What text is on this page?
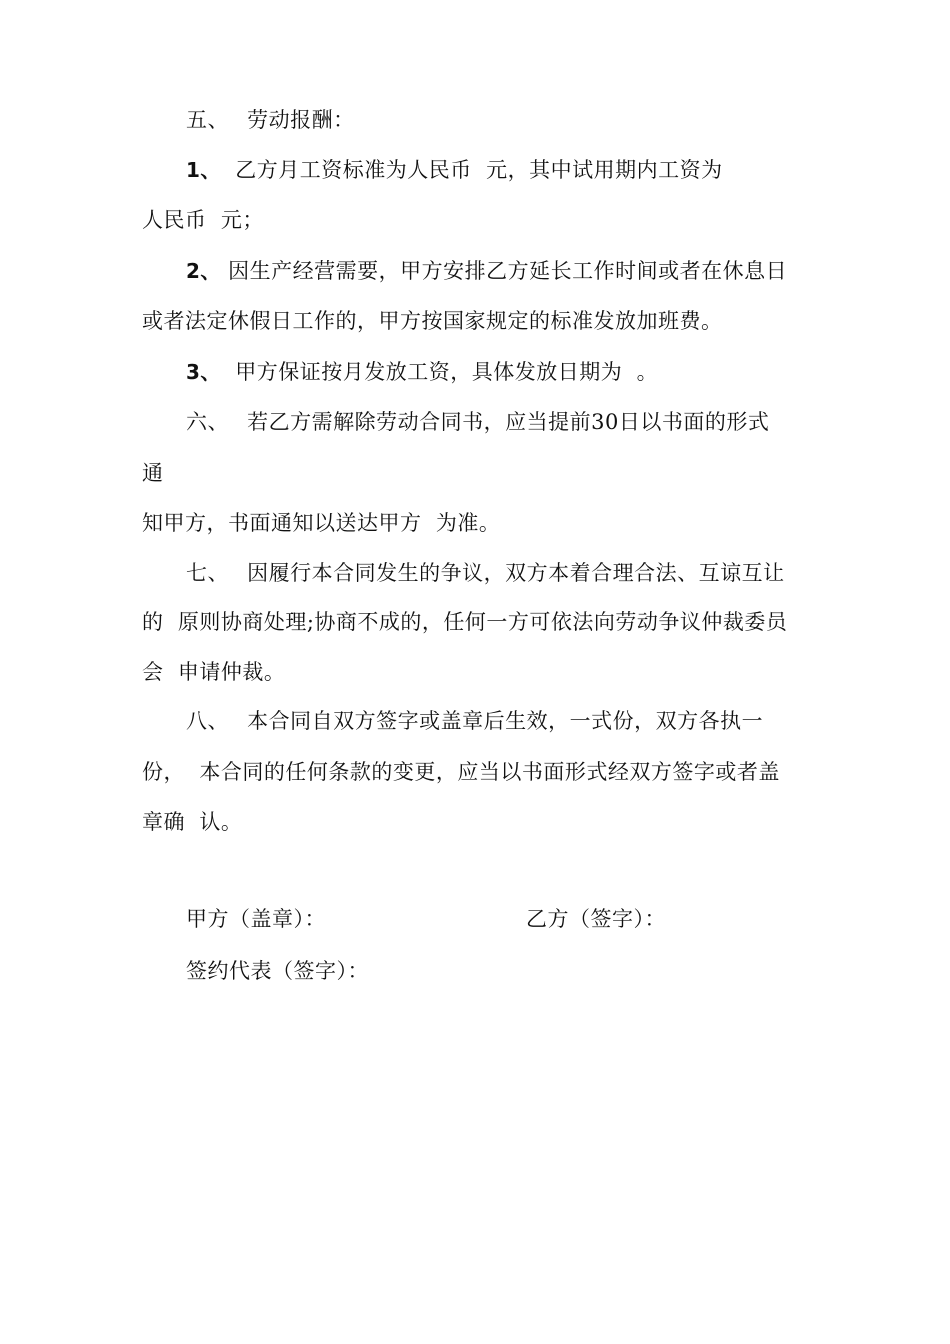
五、　 劳动报酬：
1、 乙方月工资标准为人民币  元，其中试用期内工资为
人民币  元；
2、 因生产经营需要，甲方安排乙方延长工作时间或者在休息日
或者法定休假日工作的，甲方按国家规定的标准发放加班费。
3、 甲方保证按月发放工资，具体发放日期为  。
六、　 若乙方需解除劳动合同书，应当提前30日以书面的形式
通
知甲方，书面通知以送达甲方  为准。
七、　 因履行本合同发生的争议，双方本着合理合法、互谅互让
的  原则协商处理;协商不成的，任何一方可依法向劳动争议仲裁委员
会  申请仲裁。
八、　 本合同自双方签字或盖章后生效，一式份，双方各执一
份，  本合同的任何条款的变更，应当以书面形式经双方签字或者盖
章确  认。
甲方（盖章）：	乙方（签字）：
签约代表（签字）：
